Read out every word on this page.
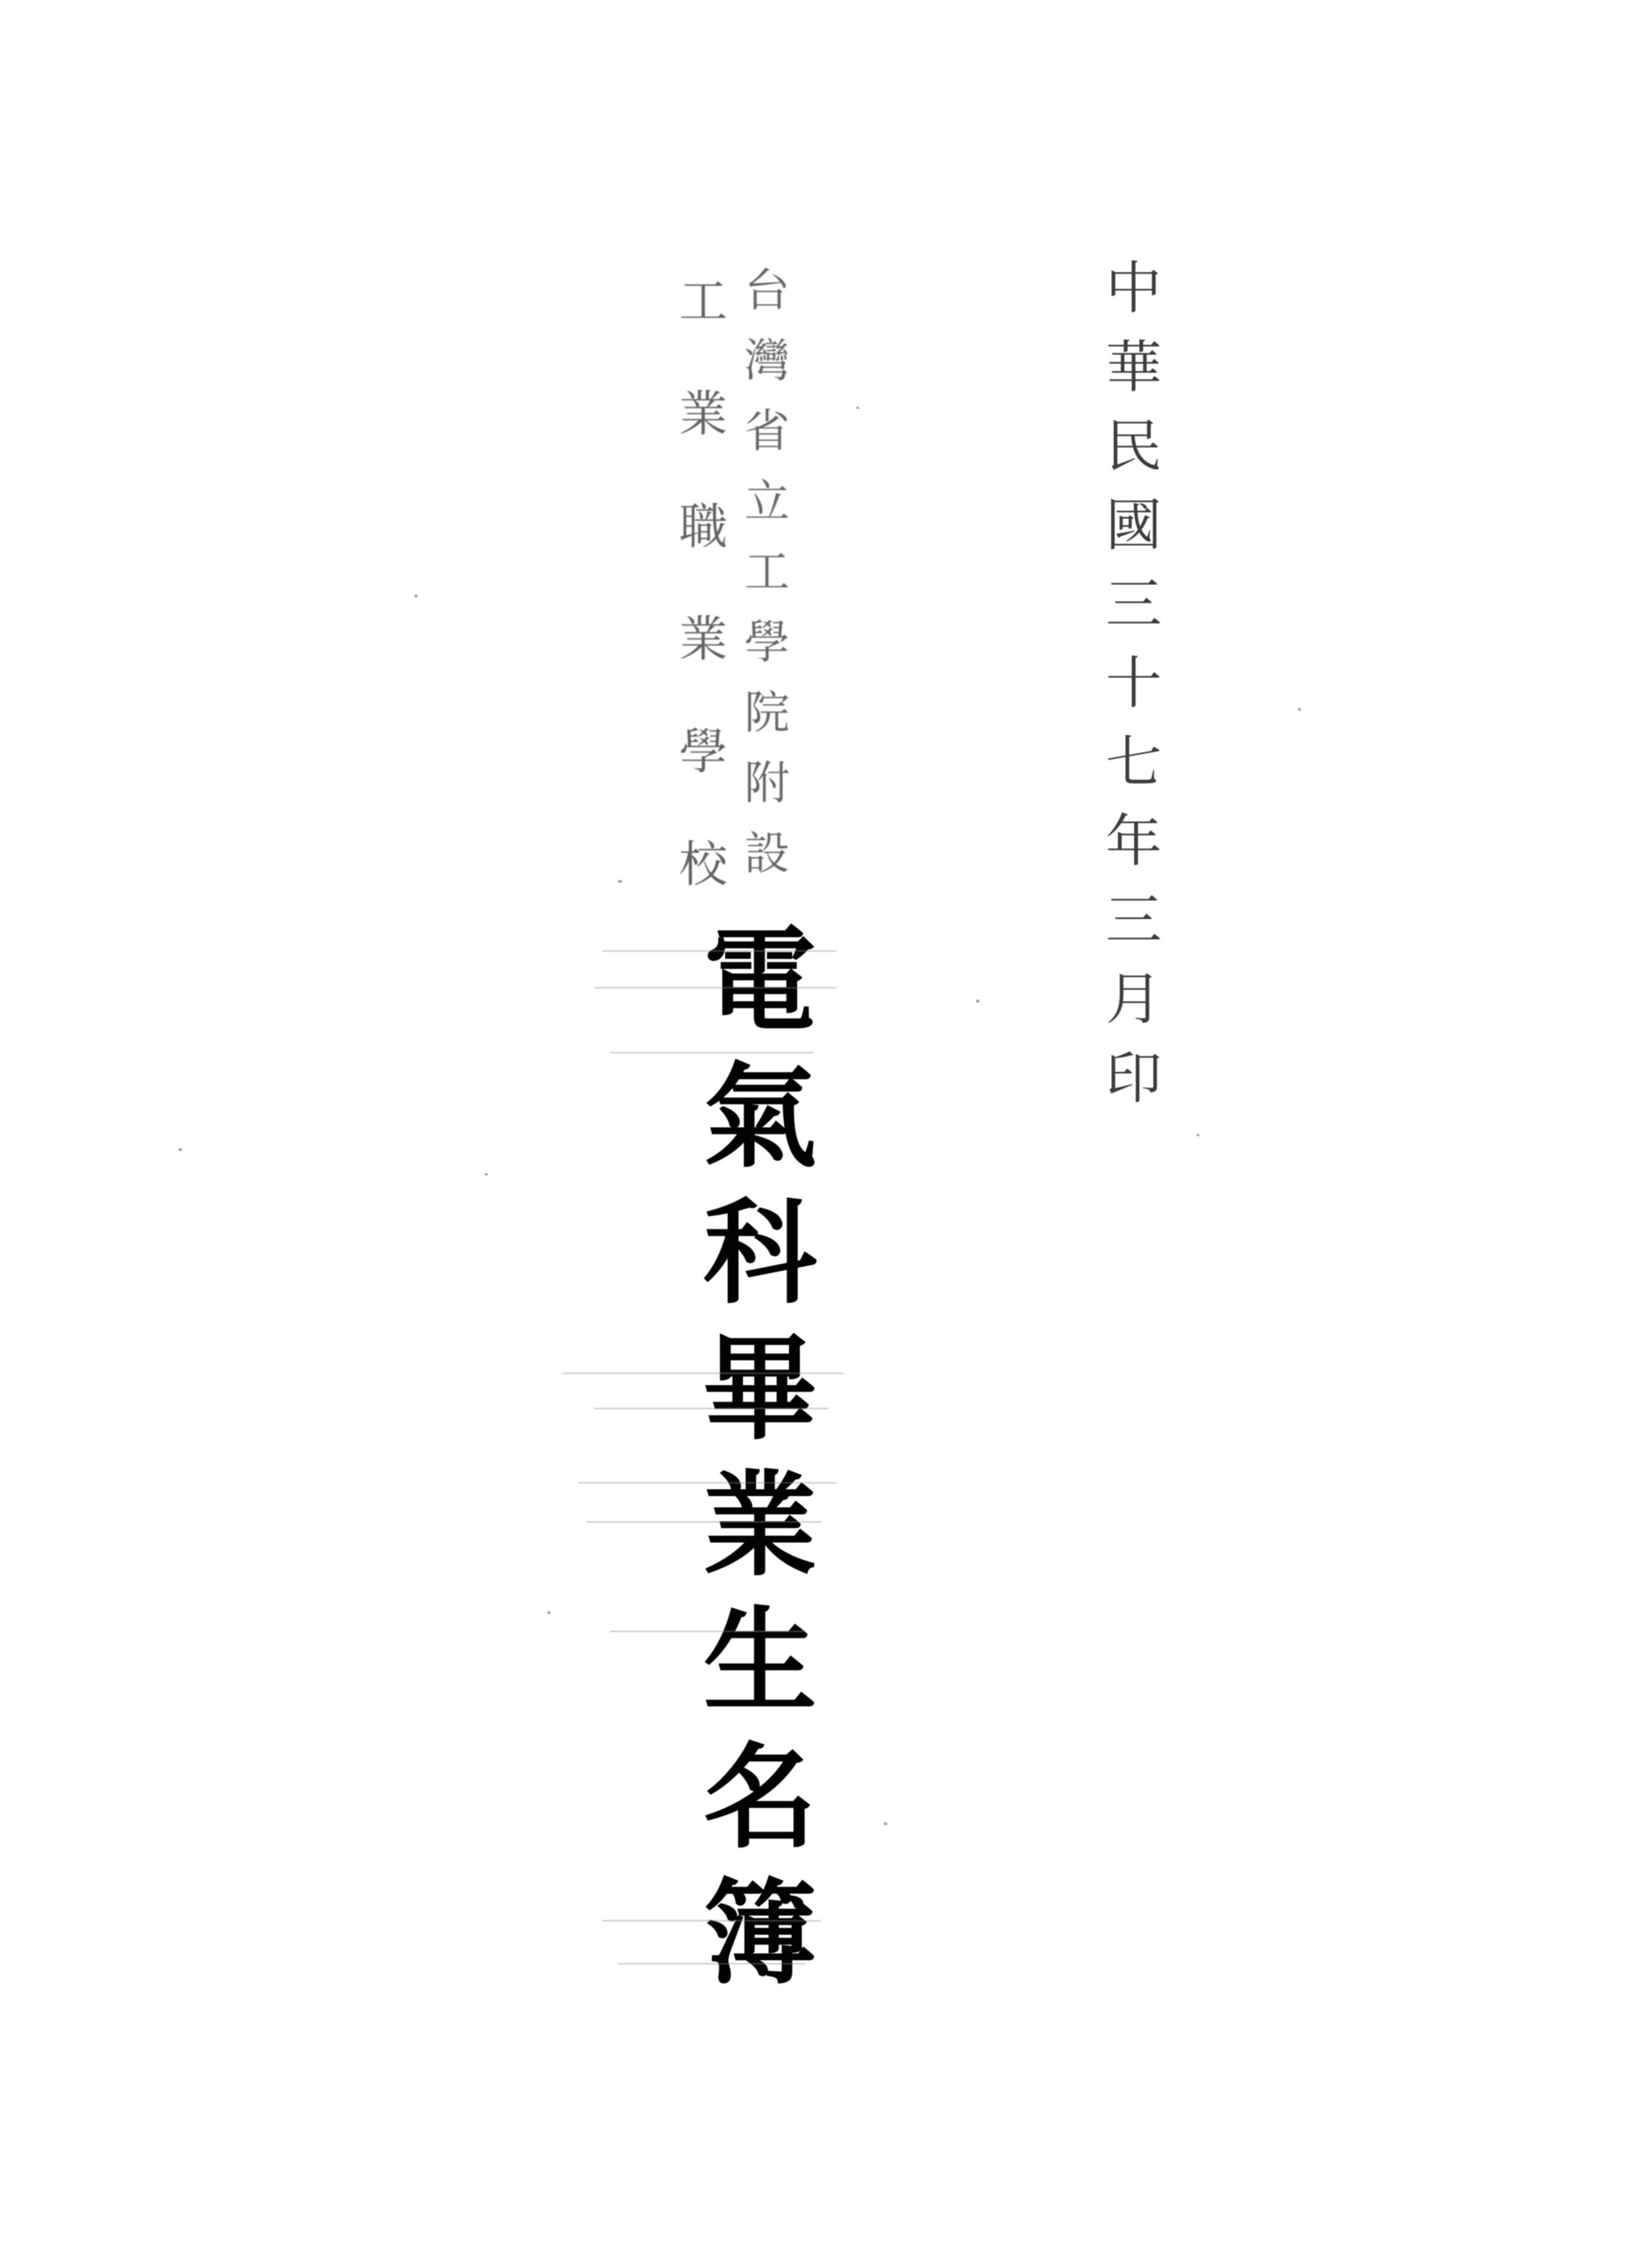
中華民國三十七年三月印
台灣省立工學院附設
工業職業學校
電氣科畢業生名簿
